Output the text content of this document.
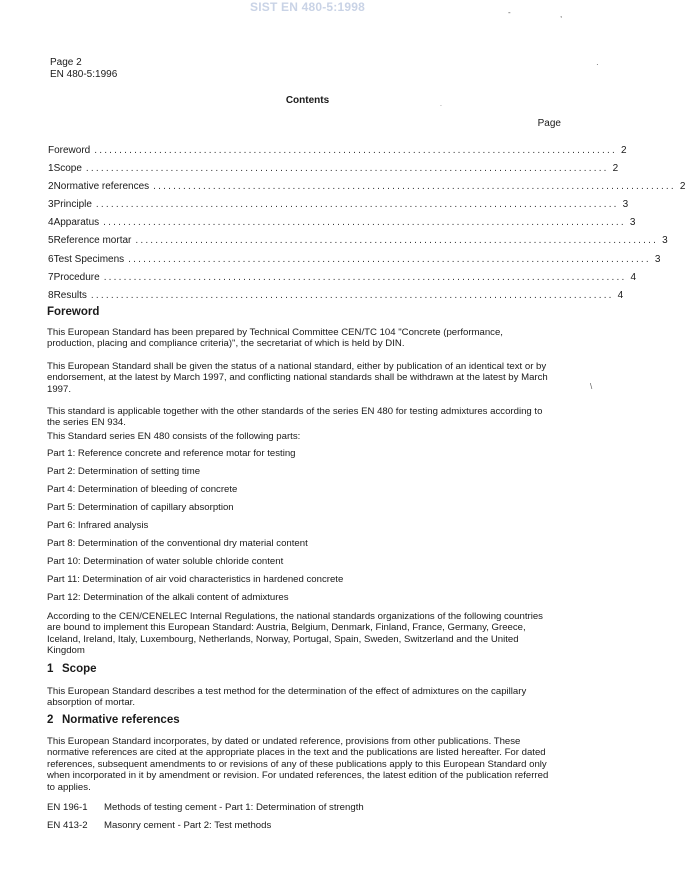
SIST EN 480-5:1998
Page 2
EN 480-5:1996
Contents
Page
Foreword ......................................................................................................... 2
1 Scope ......................................................................................................... 2
2 Normative references ......................................................................................................... 2
3 Principle ......................................................................................................... 3
4 Apparatus ......................................................................................................... 3
5 Reference mortar ......................................................................................................... 3
6 Test Specimens ......................................................................................................... 3
7 Procedure ......................................................................................................... 4
8 Results ......................................................................................................... 4
Foreword
This European Standard has been prepared by Technical Committee CEN/TC 104 "Concrete (performance, production, placing and compliance criteria)", the secretariat of which is held by DIN.
This European Standard shall be given the status of a national standard, either by publication of an identical text or by endorsement, at the latest by March 1997, and conflicting national standards shall be withdrawn at the latest by March 1997.
This standard is applicable together with the other standards of the series EN 480 for testing admixtures according to the series EN 934.
This Standard series EN 480 consists of the following parts:
Part 1: Reference concrete and reference motar for testing
Part 2: Determination of setting time
Part 4: Determination of bleeding of concrete
Part 5: Determination of capillary absorption
Part 6: Infrared analysis
Part 8: Determination of the conventional dry material content
Part 10: Determination of water soluble chloride content
Part 11: Determination of air void characteristics in hardened concrete
Part 12: Determination of the alkali content of admixtures
According to the CEN/CENELEC Internal Regulations, the national standards organizations of the following countries are bound to implement this European Standard: Austria, Belgium, Denmark, Finland, France, Germany, Greece, Iceland, Ireland, Italy, Luxembourg, Netherlands, Norway, Portugal, Spain, Sweden, Switzerland and the United Kingdom
1 Scope
This European Standard describes a test method for the determination of the effect of admixtures on the capillary absorption of mortar.
2 Normative references
This European Standard incorporates, by dated or undated reference, provisions from other publications. These normative references are cited at the appropriate places in the text and the publications are listed hereafter. For dated references, subsequent amendments to or revisions of any of these publications apply to this European Standard only when incorporated in it by amendment or revision. For undated references, the latest edition of the publication referred to applies.
EN 196-1 Methods of testing cement - Part 1: Determination of strength
EN 413-2 Masonry cement - Part 2: Test methods
-	,
·
˙
\
